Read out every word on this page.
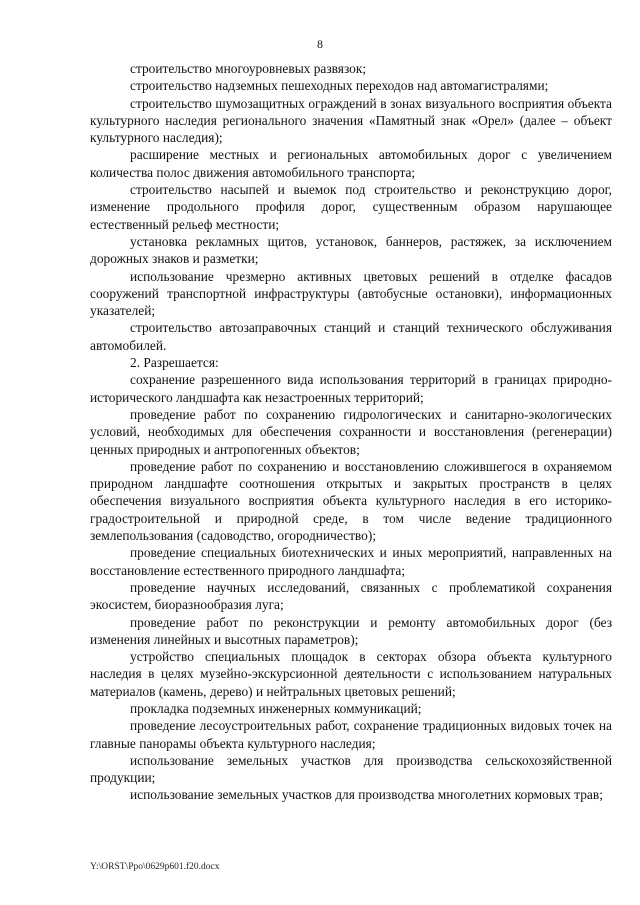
8

строительство многоуровневых развязок;

строительство надземных пешеходных переходов над автомагистралями;

строительство шумозащитных ограждений в зонах визуального восприятия объекта культурного наследия регионального значения «Памятный знак «Орел» (далее – объект культурного наследия);

расширение местных и региональных автомобильных дорог с увеличением количества полос движения автомобильного транспорта;

строительство насыпей и выемок под строительство и реконструкцию дорог, изменение продольного профиля дорог, существенным образом нарушающее естественный рельеф местности;

установка рекламных щитов, установок, баннеров, растяжек, за исключением дорожных знаков и разметки;

использование чрезмерно активных цветовых решений в отделке фасадов сооружений транспортной инфраструктуры (автобусные остановки), информационных указателей;

строительство автозаправочных станций и станций технического обслуживания автомобилей.

2. Разрешается:

сохранение разрешенного вида использования территорий в границах природно-исторического ландшафта как незастроенных территорий;

проведение работ по сохранению гидрологических и санитарно-экологических условий, необходимых для обеспечения сохранности и восстановления (регенерации) ценных природных и антропогенных объектов;

проведение работ по сохранению и восстановлению сложившегося в охраняемом природном ландшафте соотношения открытых и закрытых пространств в целях обеспечения визуального восприятия объекта культурного наследия в его историко-градостроительной и природной среде, в том числе ведение традиционного землепользования (садоводство, огородничество);

проведение специальных биотехнических и иных мероприятий, направленных на восстановление естественного природного ландшафта;

проведение научных исследований, связанных с проблематикой сохранения экосистем, биоразнообразия луга;

проведение работ по реконструкции и ремонту автомобильных дорог (без изменения линейных и высотных параметров);

устройство специальных площадок в секторах обзора объекта культурного наследия в целях музейно-экскурсионной деятельности с использованием натуральных материалов (камень, дерево) и нейтральных цветовых решений;

прокладка подземных инженерных коммуникаций;

проведение лесоустроительных работ, сохранение традиционных видовых точек на главные панорамы объекта культурного наследия;

использование земельных участков для производства сельскохозяйственной продукции;

использование земельных участков для производства многолетних кормовых трав;

Y:\ORST\Ppo\0629p601.f20.docx
